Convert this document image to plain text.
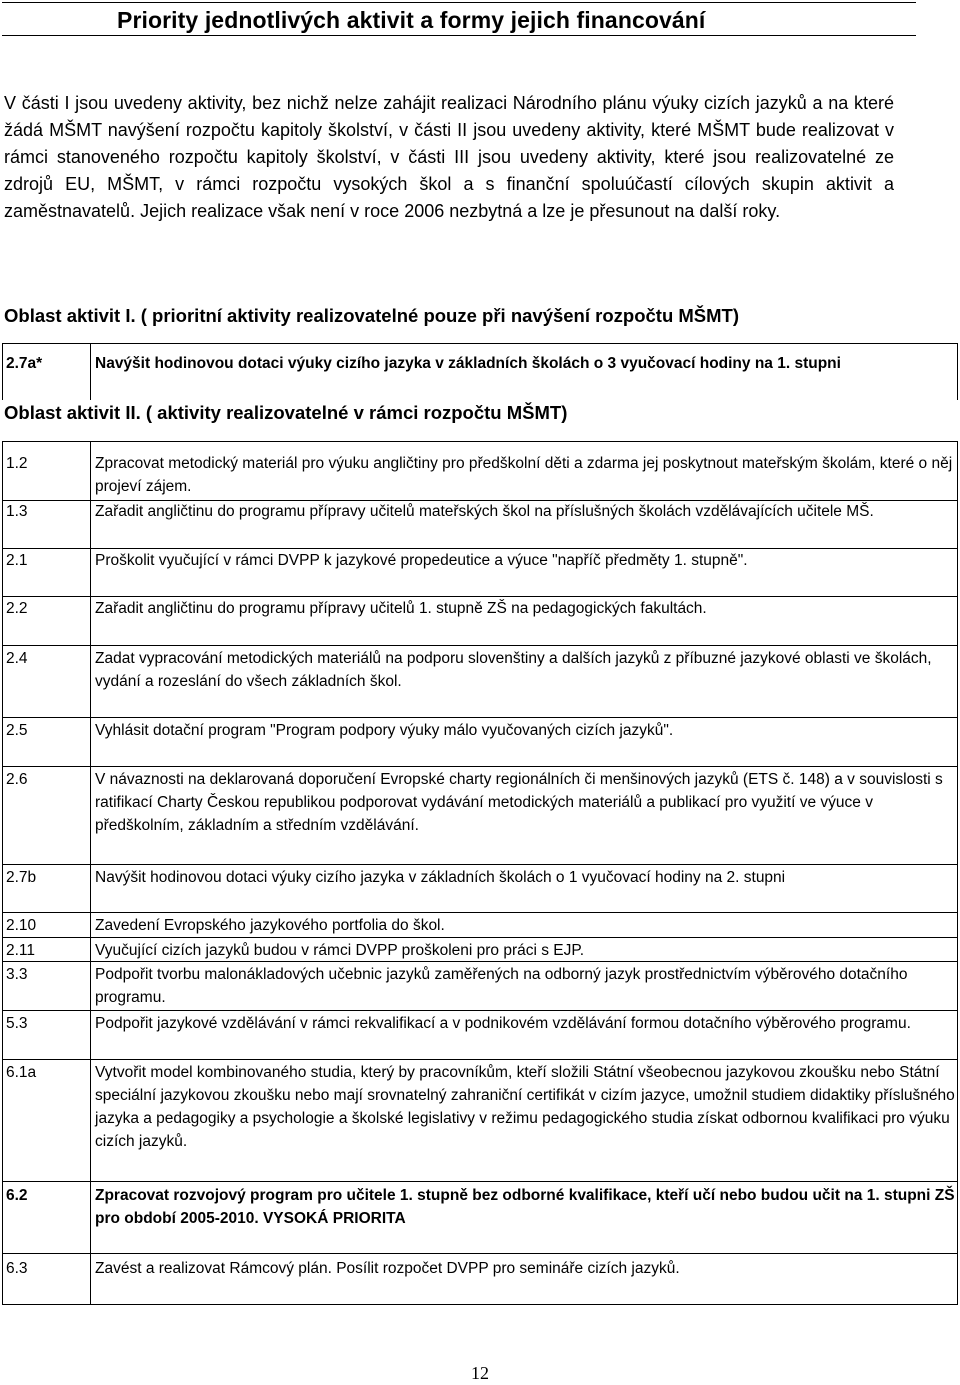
Priority jednotlivých aktivit a formy jejich financování
V části I jsou uvedeny aktivity, bez nichž nelze zahájit realizaci Národního plánu výuky cizích jazyků a na které žádá MŠMT navýšení rozpočtu kapitoly školství, v části II jsou uvedeny aktivity, které MŠMT bude realizovat v rámci stanoveného rozpočtu kapitoly školství, v části III jsou uvedeny aktivity, které jsou realizovatelné ze zdrojů EU, MŠMT, v rámci rozpočtu vysokých škol a s finanční spoluúčastí cílových skupin aktivit a zaměstnavatelů. Jejich realizace však není v roce 2006 nezbytná a lze je přesunout na další roky.
Oblast aktivit I. ( prioritní aktivity realizovatelné pouze při navýšení rozpočtu MŠMT)
Oblast aktivit II. ( aktivity realizovatelné v rámci rozpočtu MŠMT)
2.7a*	Navýšit hodinovou dotaci výuky cizího jazyka v základních školách o 3 vyučovací hodiny na 1. stupni
1.2	Zpracovat metodický materiál pro výuku angličtiny pro předškolní děti a zdarma jej poskytnout mateřským školám, které o něj projeví zájem.
1.3	Zařadit angličtinu do programu přípravy učitelů mateřských škol na příslušných školách vzdělávajících učitele MŠ.
2.1	Proškolit vyučující v rámci DVPP k jazykové propedeutice a výuce "napříč předměty 1. stupně".
2.2	Zařadit angličtinu do programu přípravy učitelů 1. stupně ZŠ na pedagogických fakultách.
2.4	Zadat vypracování metodických materiálů na podporu slovenštiny a dalších jazyků z příbuzné jazykové oblasti ve školách, vydání a rozeslání do všech základních škol.
2.5	Vyhlásit dotační program "Program podpory výuky málo vyučovaných cizích jazyků".
2.6	V návaznosti na deklarovaná doporučení Evropské charty regionálních či menšinových jazyků (ETS č. 148) a v souvislosti s ratifikací Charty Českou republikou podporovat vydávání metodických materiálů a publikací pro využití ve výuce v předškolním, základním a středním vzdělávání.
2.7b	Navýšit hodinovou dotaci výuky cizího jazyka v základních školách o 1 vyučovací hodiny na 2. stupni
2.10	Zavedení Evropského jazykového portfolia do škol.
2.11	Vyučující cizích jazyků budou v rámci DVPP proškoleni pro práci s EJP.
3.3	Podpořit tvorbu malonákladových učebnic jazyků zaměřených na odborný jazyk prostřednictvím výběrového dotačního programu.
5.3	Podpořit jazykové vzdělávání v rámci rekvalifikací a v podnikovém vzdělávání formou dotačního výběrového programu.
6.1a	Vytvořit model kombinovaného studia, který by pracovníkům, kteří složili Státní všeobecnou jazykovou zkoušku nebo Státní speciální jazykovou zkoušku nebo mají srovnatelný zahraniční certifikát v cizím jazyce, umožnil studiem didaktiky příslušného jazyka a pedagogiky a psychologie a školské legislativy v režimu pedagogického studia získat odbornou kvalifikaci pro výuku cizích jazyků.
6.2	Zpracovat rozvojový program pro učitele 1. stupně bez odborné kvalifikace, kteří učí nebo budou učit na 1. stupni ZŠ pro období 2005-2010. VYSOKÁ PRIORITA
6.3	Zavést a realizovat Rámcový plán. Posílit rozpočet DVPP pro semináře cizích jazyků.
12
